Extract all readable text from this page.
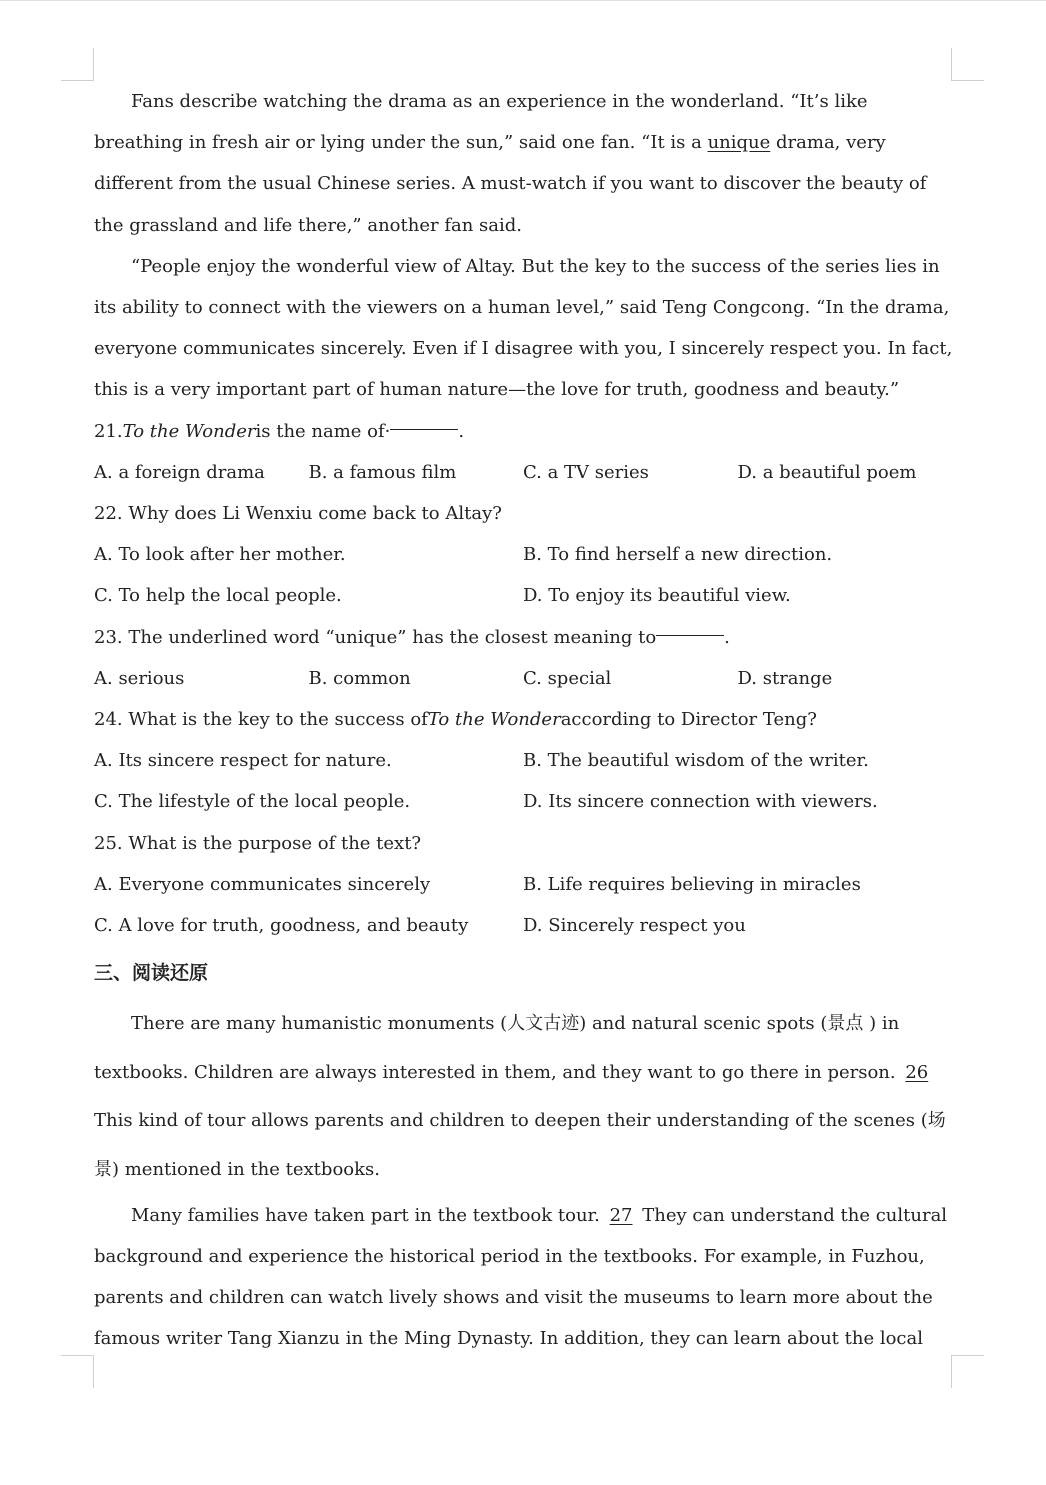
Fans describe watching the drama as an experience in the wonderland. “It’s like breathing in fresh air or lying under the sun,” said one fan. “It is a unique drama, very different from the usual Chinese series. A must-watch if you want to discover the beauty of the grassland and life there,” another fan said.

“People enjoy the wonderful view of Altay. But the key to the success of the series lies in its ability to connect with the viewers on a human level,” said Teng Congcong. “In the drama, everyone communicates sincerely. Even if I disagree with you, I sincerely respect you. In fact, this is a very important part of human nature—the love for truth, goodness and beauty.”

21. To the Wonder is the name of·	.

A. a foreign drama	B. a famous film	C. a TV series	D. a beautiful poem

22. Why does Li Wenxiu come back to Altay?

A. To look after her mother.	B. To find herself a new direction.
C. To help the local people.	D. To enjoy its beautiful view.

23. The underlined word “unique” has the closest meaning to	.

A. serious	B. common	C. special	D. strange

24. What is the key to the success of To the Wonder according to Director Teng?

A. Its sincere respect for nature.	B. The beautiful wisdom of the writer.
C. The lifestyle of the local people.	D. Its sincere connection with viewers.

25. What is the purpose of the text?

A. Everyone communicates sincerely	B. Life requires believing in miracles
C. A love for truth, goodness, and beauty	D. Sincerely respect you
三、阅读还原

There are many humanistic monuments (人文古迹) and natural scenic spots (景点 ) in textbooks. Children are always interested in them, and they want to go there in person. 26 This kind of tour allows parents and children to deepen their understanding of the scenes (场景) mentioned in the textbooks.

Many families have taken part in the textbook tour. 27 They can understand the cultural background and experience the historical period in the textbooks. For example, in Fuzhou, parents and children can watch lively shows and visit the museums to learn more about the famous writer Tang Xianzu in the Ming Dynasty. In addition, they can learn about the local
